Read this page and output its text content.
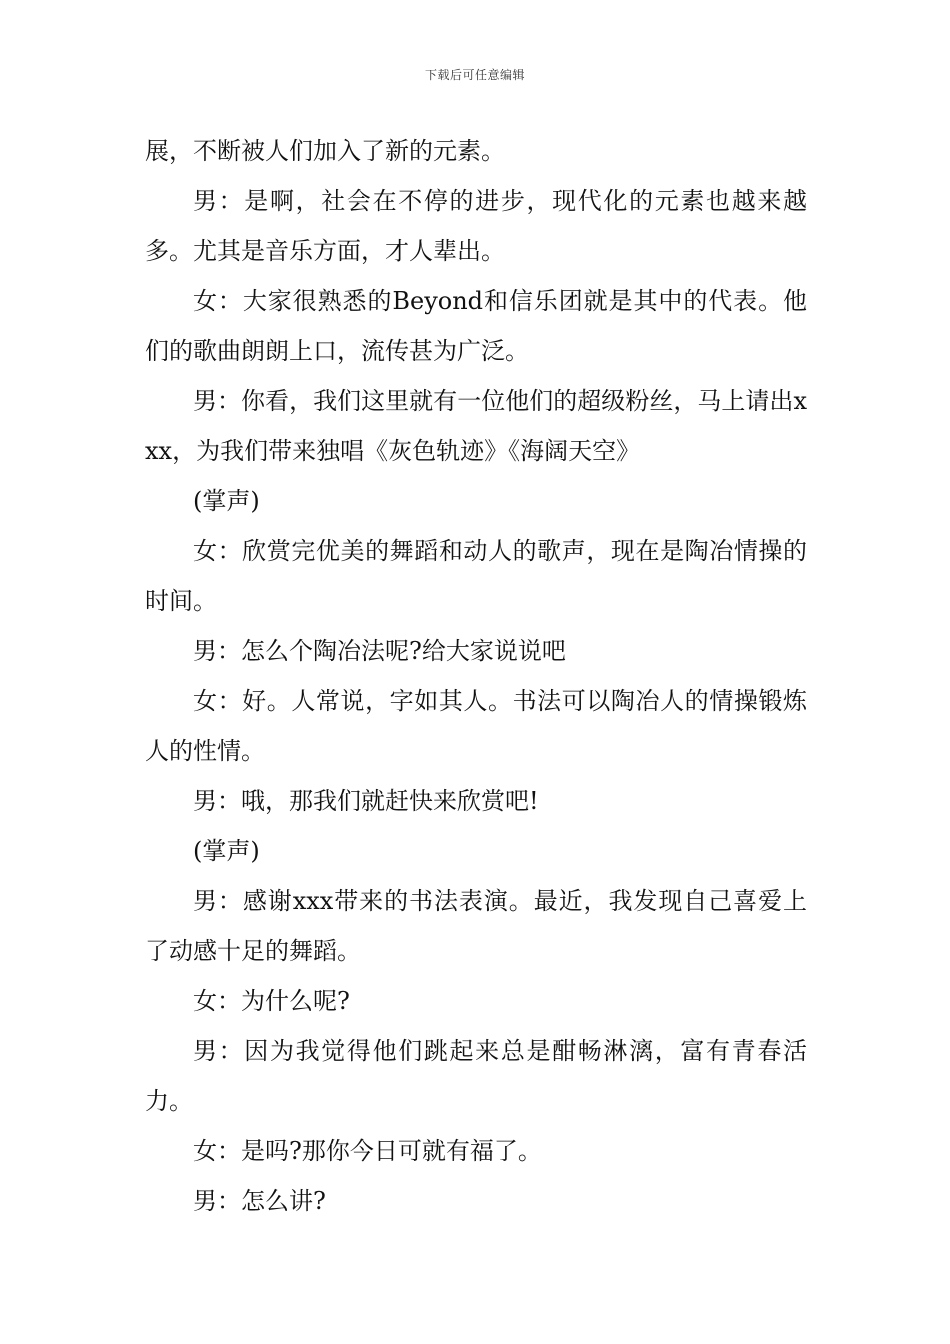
下载后可任意编辑

展，不断被人们加入了新的元素。

男：是啊，社会在不停的进步，现代化的元素也越来越多。尤其是音乐方面，才人辈出。

女：大家很熟悉的Beyond和信乐团就是其中的代表。他们的歌曲朗朗上口，流传甚为广泛。

男：你看，我们这里就有一位他们的超级粉丝，马上请出xxx，为我们带来独唱《灰色轨迹》《海阔天空》

(掌声)

女：欣赏完优美的舞蹈和动人的歌声，现在是陶冶情操的时间。

男：怎么个陶冶法呢?给大家说说吧

女：好。人常说，字如其人。书法可以陶冶人的情操锻炼人的性情。

男：哦，那我们就赶快来欣赏吧!

(掌声)

男：感谢xxx带来的书法表演。最近，我发现自己喜爱上了动感十足的舞蹈。

女：为什么呢?

男：因为我觉得他们跳起来总是酣畅淋漓，富有青春活力。

女：是吗?那你今日可就有福了。

男：怎么讲?
